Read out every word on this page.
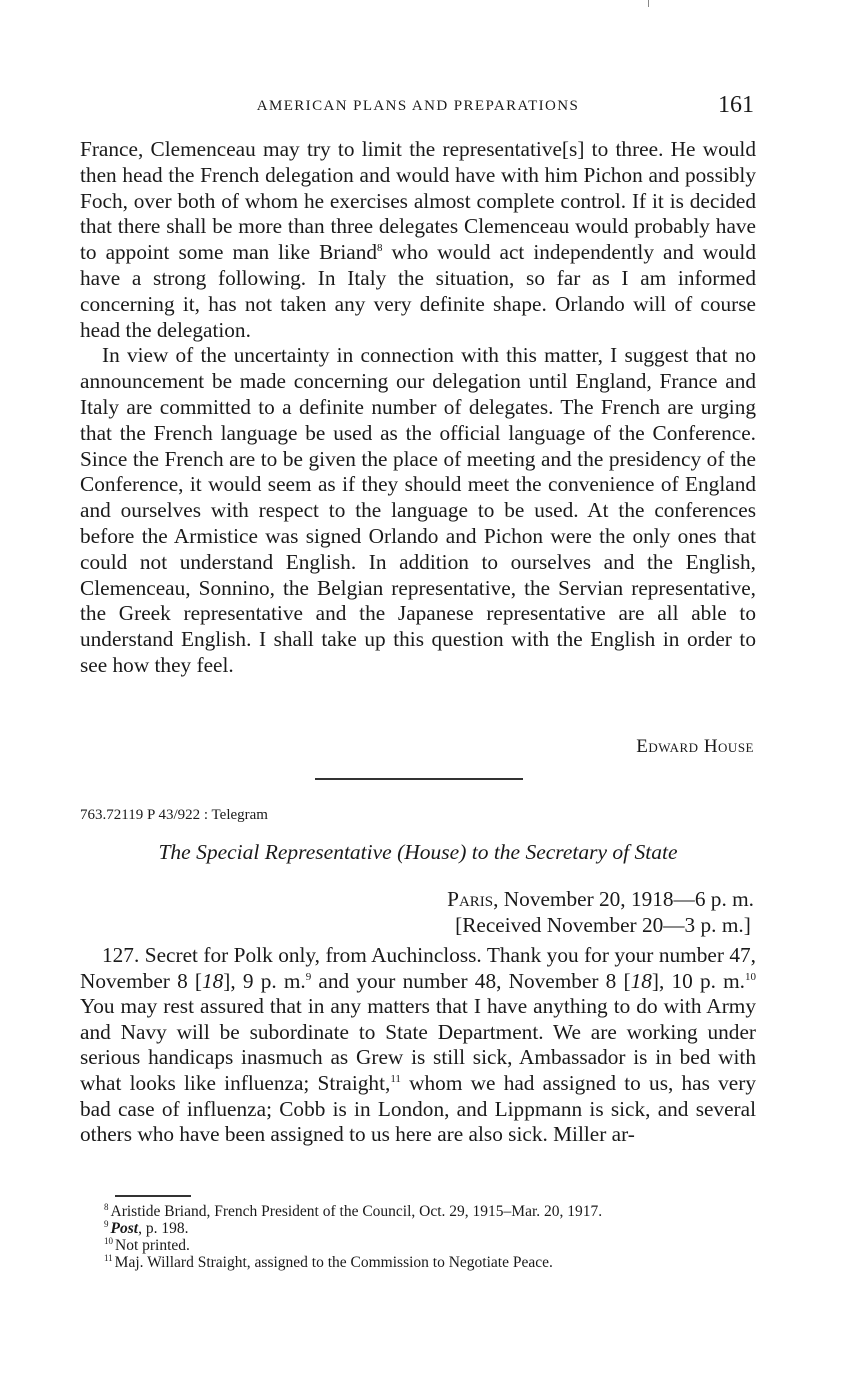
AMERICAN PLANS AND PREPARATIONS	161

France, Clemenceau may try to limit the representative[s] to three. He would then head the French delegation and would have with him Pichon and possibly Foch, over both of whom he exercises almost complete control. If it is decided that there shall be more than three delegates Clemenceau would probably have to appoint some man like Briand$^8$ who would act independently and would have a strong following. In Italy the situation, so far as I am informed concerning it, has not taken any very definite shape. Orlando will of course head the delegation.

In view of the uncertainty in connection with this matter, I suggest that no announcement be made concerning our delegation until England, France and Italy are committed to a definite number of delegates. The French are urging that the French language be used as the official language of the Conference. Since the French are to be given the place of meeting and the presidency of the Conference, it would seem as if they should meet the convenience of England and ourselves with respect to the language to be used. At the conferences before the Armistice was signed Orlando and Pichon were the only ones that could not understand English. In addition to ourselves and the English, Clemenceau, Sonnino, the Belgian representative, the Servian representative, the Greek representative and the Japanese representative are all able to understand English. I shall take up this question with the English in order to see how they feel.

Edward House
763.72119 P 43/922 : Telegram
The Special Representative (House) to the Secretary of State
Paris, November 20, 1918—6 p. m.
[Received November 20—3 p. m.]

127. Secret for Polk only, from Auchincloss. Thank you for your number 47, November 8 [18], 9 p. m.$^9$ and your number 48, November 8 [18], 10 p. m.$^{10}$ You may rest assured that in any matters that I have anything to do with Army and Navy will be subordinate to State Department. We are working under serious handicaps inasmuch as Grew is still sick, Ambassador is in bed with what looks like influenza; Straight,$^{11}$ whom we had assigned to us, has very bad case of influenza; Cobb is in London, and Lippmann is sick, and several others who have been assigned to us here are also sick. Miller ar-

$^8$ Aristide Briand, French President of the Council, Oct. 29, 1915–Mar. 20, 1917.
$^9$ Post, p. 198.
$^{10}$ Not printed.
$^{11}$ Maj. Willard Straight, assigned to the Commission to Negotiate Peace.
